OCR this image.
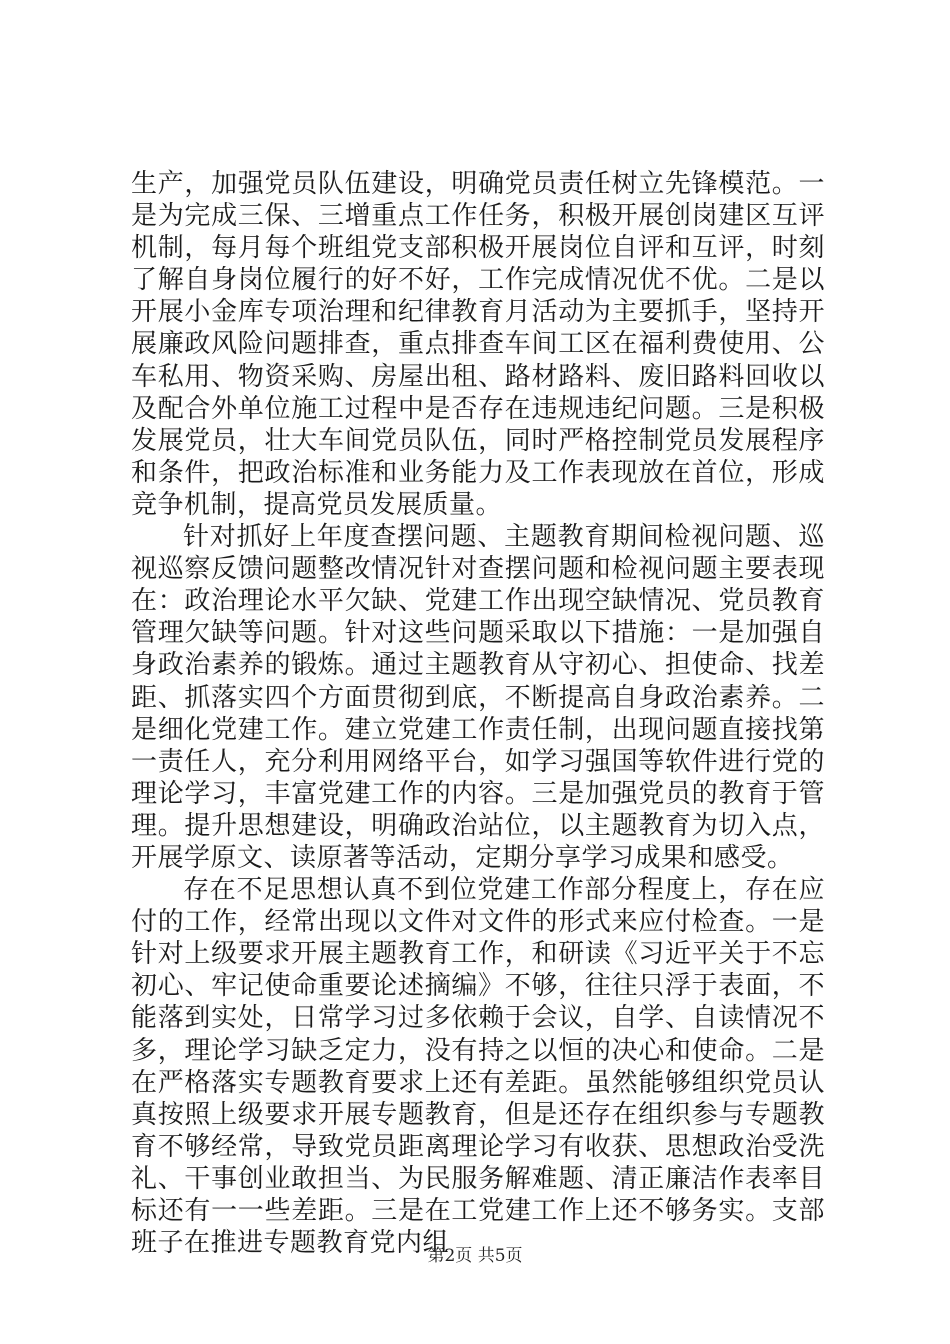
生产，加强党员队伍建设，明确党员责任树立先锋模范。一是为完成三保、三增重点工作任务，积极开展创岗建区互评机制，每月每个班组党支部积极开展岗位自评和互评，时刻了解自身岗位履行的好不好，工作完成情况优不优。二是以开展小金库专项治理和纪律教育月活动为主要抓手，坚持开展廉政风险问题排查，重点排查车间工区在福利费使用、公车私用、物资采购、房屋出租、路材路料、废旧路料回收以及配合外单位施工过程中是否存在违规违纪问题。三是积极发展党员，壮大车间党员队伍，同时严格控制党员发展程序和条件，把政治标准和业务能力及工作表现放在首位，形成竞争机制，提高党员发展质量。

针对抓好上年度查摆问题、主题教育期间检视问题、巡视巡察反馈问题整改情况针对查摆问题和检视问题主要表现在：政治理论水平欠缺、党建工作出现空缺情况、党员教育管理欠缺等问题。针对这些问题采取以下措施：一是加强自身政治素养的锻炼。通过主题教育从守初心、担使命、找差距、抓落实四个方面贯彻到底，不断提高自身政治素养。二是细化党建工作。建立党建工作责任制，出现问题直接找第一责任人，充分利用网络平台，如学习强国等软件进行党的理论学习，丰富党建工作的内容。三是加强党员的教育于管理。提升思想建设，明确政治站位，以主题教育为切入点，开展学原文、读原著等活动，定期分享学习成果和感受。

存在不足思想认真不到位党建工作部分程度上，存在应付的工作，经常出现以文件对文件的形式来应付检查。一是针对上级要求开展主题教育工作，和研读《习近平关于不忘初心、牢记使命重要论述摘编》不够，往往只浮于表面，不能落到实处，日常学习过多依赖于会议，自学、自读情况不多，理论学习缺乏定力，没有持之以恒的决心和使命。二是在严格落实专题教育要求上还有差距。虽然能够组织党员认真按照上级要求开展专题教育，但是还存在组织参与专题教育不够经常，导致党员距离理论学习有收获、思想政治受洗礼、干事创业敢担当、为民服务解难题、清正廉洁作表率目标还有一一些差距。三是在工党建工作上还不够务实。支部班子在推进专题教育党内组

第2页 共5页
